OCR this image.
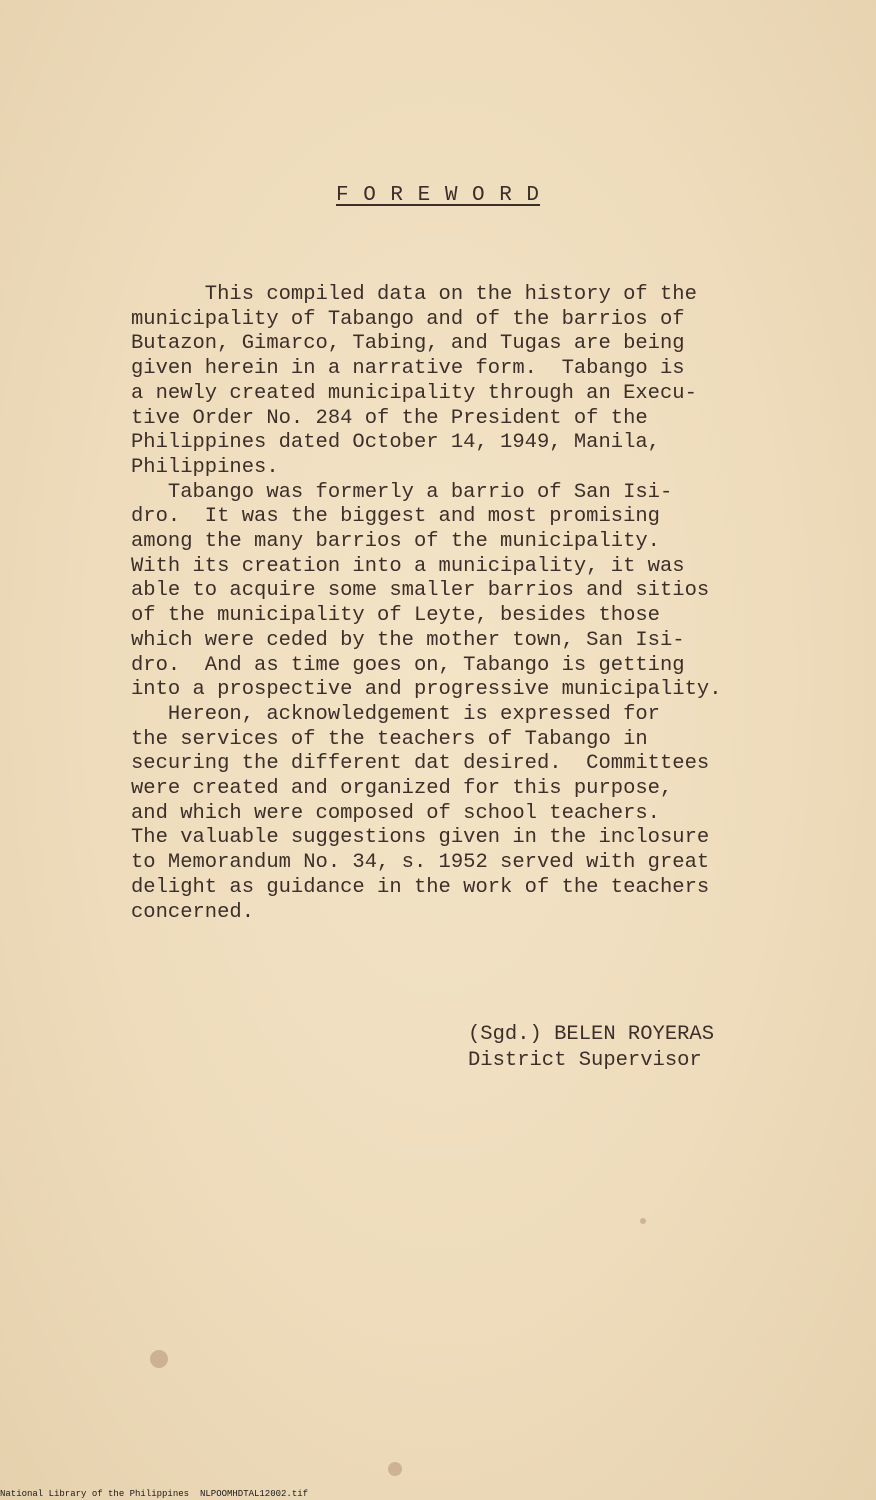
F O R E W O R D
This compiled data on the history of the
municipality of Tabango and of the barrios of
Butazon, Gimarco, Tabing, and Tugas are being
given herein in a narrative form.  Tabango is
a newly created municipality through an Execu-
tive Order No. 284 of the President of the
Philippines dated October 14, 1949, Manila,
Philippines.
Tabango was formerly a barrio of San Isi-
dro.  It was the biggest and most promising
among the many barrios of the municipality.
With its creation into a municipality, it was
able to acquire some smaller barrios and sitios
of the municipality of Leyte, besides those
which were ceded by the mother town, San Isi-
dro.  And as time goes on, Tabango is getting
into a prospective and progressive municipality.
Hereon, acknowledgement is expressed for
the services of the teachers of Tabango in
securing the different dat desired.  Committees
were created and organized for this purpose,
and which were composed of school teachers.
The valuable suggestions given in the inclosure
to Memorandum No. 34, s. 1952 served with great
delight as guidance in the work of the teachers
concerned.
(Sgd.) BELEN ROYERAS
District Supervisor
National Library of the Philippines NLPOOMHDTAL12002.tif
